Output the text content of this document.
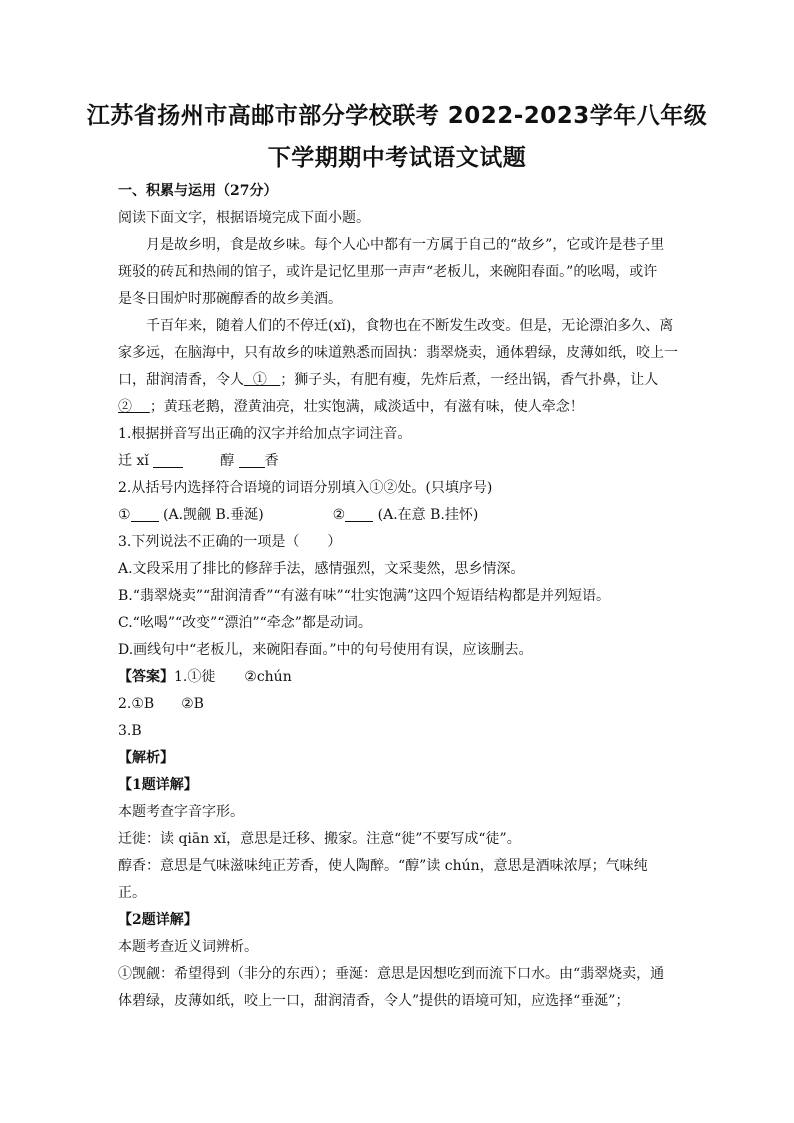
江苏省扬州市高邮市部分学校联考 2022-2023学年八年级
下学期期中考试语文试题
一、积累与运用（27分）
阅读下面文字，根据语境完成下面小题。
月是故乡明，食是故乡味。每个人心中都有一方属于自己的“故乡”，它或许是巷子里
斑驳的砖瓦和热闹的馆子，或许是记忆里那一声声“老板儿，来碗阳春面。”的吆喝，或许
是冬日围炉时那碗醇香的故乡美酒。
千百年来，随着人们的不停迁(xǐ)，食物也在不断发生改变。但是，无论漂泊多久、离
家多远，在脑海中，只有故乡的味道熟悉而固执：翡翠烧卖，通体碧绿，皮薄如纸，咬上一
口，甜润清香，令人 ① ；狮子头，有肥有瘦，先炸后煮，一经出锅，香气扑鼻，让人
② ；黄珏老鹅，澄黄油亮，壮实饱满，咸淡适中，有滋有味，使人牵念！
1.根据拼音写出正确的汉字并给加点字词注音。
迁 xǐ	醇 香
2.从括号内选择符合语境的词语分别填入①②处。(只填序号)
① (A.觊觎 B.垂涎)	② (A.在意 B.挂怀)
3.下列说法不正确的一项是（　　）
A.文段采用了排比的修辞手法，感情强烈，文采斐然，思乡情深。
B.“翡翠烧卖”“甜润清香”“有滋有味”“壮实饱满”这四个短语结构都是并列短语。
C.“吆喝”“改变”“漂泊”“牵念”都是动词。
D.画线句中“老板儿，来碗阳春面。”中的句号使用有误，应该删去。
【答案】1.①徙 ②chún
2.①B ②B
3.B
【解析】
【1题详解】
本题考查字音字形。
迁徙：读 qiān xǐ，意思是迁移、搬家。注意“徙”不要写成“徒”。
醇香：意思是气味滋味纯正芳香，使人陶醉。“醇”读 chún，意思是酒味浓厚；气味纯
正。
【2题详解】
本题考查近义词辨析。
①觊觎：希望得到（非分的东西）；垂涎：意思是因想吃到而流下口水。由“翡翠烧卖，通
体碧绿，皮薄如纸，咬上一口，甜润清香，令人”提供的语境可知，应选择“垂涎”；
